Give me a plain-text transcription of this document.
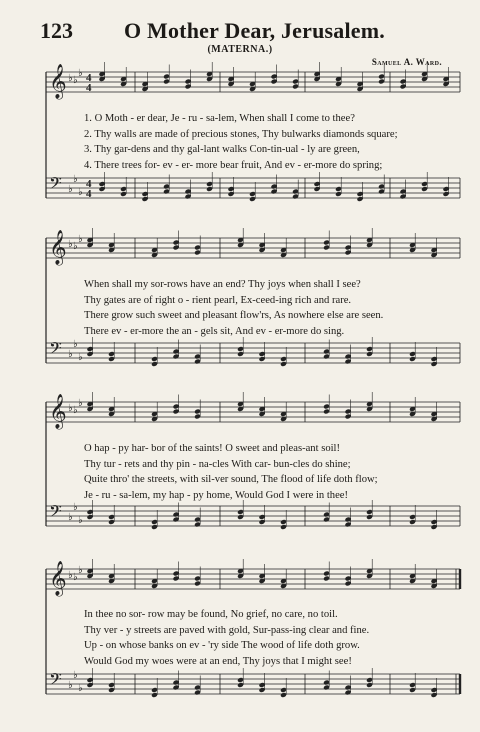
123 O Mother Dear, Jerusalem.
(MATERNA.)
Samuel A. Ward.
𝄞 ♭ ♭
♭ 4
4
𝄢 ♭
♭
♭
4
4
1. O Moth - er dear, Je - ru - sa-lem, When shall I come to thee?
2. Thy walls are made of precious stones, Thy bulwarks diamonds square;
3. Thy gar-dens and thy gal-lant walks Con-tin-ual - ly are green,
4. There trees for- ev - er- more bear fruit, And ev - er-more do spring;
𝄞 ♭ ♭
♭
𝄢 ♭
♭
♭
When shall my sor-rows have an end? Thy joys when shall I see?
Thy gates are of right o - rient pearl, Ex-ceed-ing rich and rare.
There grow such sweet and pleasant flow'rs, As nowhere else are seen.
There ev - er-more the an - gels sit, And ev - er-more do sing.
𝄞 ♭ ♭
♭
𝄢 ♭
♭
♭
O hap - py har- bor of the saints! O sweet and pleas-ant soil!
Thy tur - rets and thy pin - na-cles With car- bun-cles do shine;
Quite thro' the streets, with sil-ver sound, The flood of life doth flow;
Je - ru - sa-lem, my hap - py home, Would God I were in thee!
𝄞 ♭ ♭
♭
𝄢 ♭
♭
♭
In thee no sor- row may be found, No grief, no care, no toil.
Thy ver - y streets are paved with gold, Sur-pass-ing clear and fine.
Up - on whose banks on ev - 'ry side The wood of life doth grow.
Would God my woes were at an end, Thy joys that I might see!
